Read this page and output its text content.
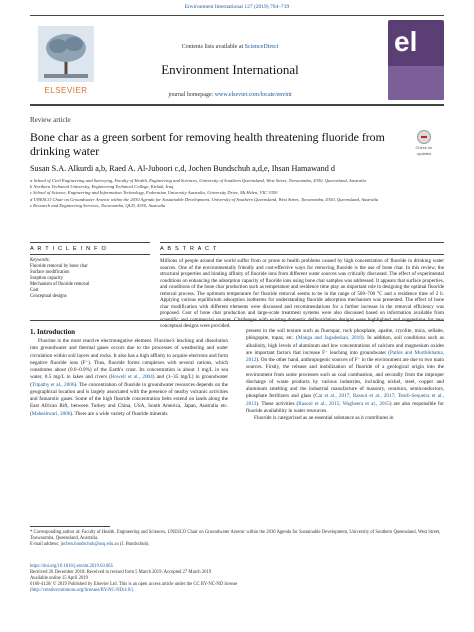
Environment International 127 (2019) 704–719
ELSEVIER
Contents lists available at ScienceDirect
Environment International
journal homepage: www.elsevier.com/locate/envint
el
Review article
Bone char as a green sorbent for removing health threatening fluoride from drinking water	Check for
updates
Susan S.A. Alkurdi a,b, Raed A. Al-Juboori c,d, Jochen Bundschuh a,d,e, Ihsan Hamawand d
a School of Civil Engineering and Surveying, Faculty of Health, Engineering and Sciences, University of Southern Queensland, West Street, Toowoomba, 4350, Queensland, Australia
b Northern Technical University, Engineering Technical College, Kirkuk, Iraq
c School of Science, Engineering and Information Technology, Federation University Australia, University Drive, Mt Helen, VIC 3350
d UNESCO Chair on Groundwater Arsenic within the 2030 Agenda for Sustainable Development, University of Southern Queensland, West Street, Toowoomba, 4350, Queensland, Australia
e Research and Engineering Services, Toowoomba, QLD, 4350, Australia
A R T I C L E I N F O
Keywords:
Fluoride removal by bone char
Surface modification
Sorption capacity
Mechanism of fluoride removal
Cost
Conceptual designs
A B S T R A C T
Millions of people around the world suffer from or prone to health problems caused by high concentration of fluoride in drinking water sources. One of the environmentally friendly and cost-effective ways for removing fluoride is the use of bone char. In this review, the structural properties and binding affinity of fluoride ions from different water sources was critically discussed. The effect of experimental conditions on enhancing the adsorption capacity of fluoride ions using bone char samples was addressed. It appears that surface properties, and conditions of the bone char production such as temperature and residence time play an important role in designing the optimal fluoride removal process. The optimum temperature for fluoride removal seems to be in the range of 500–700 °C and a residence time of 2 h. Applying various equilibrium adsorption isotherms for understanding fluoride adsorption mechanism was presented. The effect of bone char modification with different elements were discussed and recommendations for a further increase in the removal efficiency was proposed. Cost of bone char production and large-scale treatment systems were also discussed based on information available from scientific and commercial sources. Challenges with existing domestic defluoridation designs were highlighted and suggestions for new conceptual designs were provided.
1. Introduction

Fluorine is the most reactive electronegative element. Fluorine's leaching and dissolution into groundwater and thermal gases occurs due to the processes of weathering and water circulation within soil layers and rocks. It also has a high affinity to acquire electrons and form negative fluoride ions (F⁻). Thus, fluoride forms complexes with several cations, which constitutes about (0.6–0.9%) of the Earth's crust. Its concentration is about 1 mg/L in sea water, 0.5 mg/L in lakes and rivers (Rowell et al., 2004) and (1–35 mg/L) in groundwater (Tripathy et al., 2006). The concentration of fluoride in groundwater resources depends on the geographical location and is largely associated with the presence of nearby volcanic activities and fumarolic gases. Some of the high fluoride concentration belts extend on lands along the East African Rift, between Turkey and China, USA, South America, Japan, Australia etc. (Maheshwari, 2006). There are a wide variety of fluoride minerals

present in the soil texture such as fluorspar, rock phosphate, apatite, cryolite, mica, sellaite, phlogopite, topaz, etc. (Manga and Jagadeshan, 2018). In addition, soil conditions such as alkalinity, high levels of aluminum and low concentrations of calcium and magnesium oxides are important factors that increase F⁻ leaching into groundwater (Pathis and Murthikhatna, 2012). On the other hand, anthropogenic sources of F⁻ in the environment are due to two main sources. Firstly, the release and mobilization of fluoride of a geological origin into the environment from some processes such as coal combustion, and secondly from the improper discharge of waste products by various industries, including nickel, steel, copper and aluminum smelting and the industrial manufacture of masonry, ceramics, semiconductors, phosphate fertilizers and glass (Cai et al., 2017; Rasool et al., 2017; Teutli-Sequeira et al., 2013). These activities (Rasool et al., 2015; Wagheera et al., 2015) are also responsible for fluoride availability in water resources.

Fluoride is categorized as an essential substance as it contributes in

* Corresponding author at: Faculty of Health, Engineering and Sciences, UNESCO Chair on Groundwater Arsenic within the 2030 Agenda for Sustainable Development, University of Southern Queensland, West Street, Toowoomba, Queensland, Australia.
E-mail address: jochen.bundschuh@usq.edu.au (J. Bundschuh).
https://doi.org/10.1016/j.envint.2019.03.065
Received 20 December 2018; Received in revised form 5 March 2019; Accepted 27 March 2019
Available online 15 April 2019
0160-4120/ © 2019 Published by Elsevier Ltd. This is an open access article under the CC BY-NC-ND license
(http://creativecommons.org/licenses/BY-NC-ND/4.0/).
